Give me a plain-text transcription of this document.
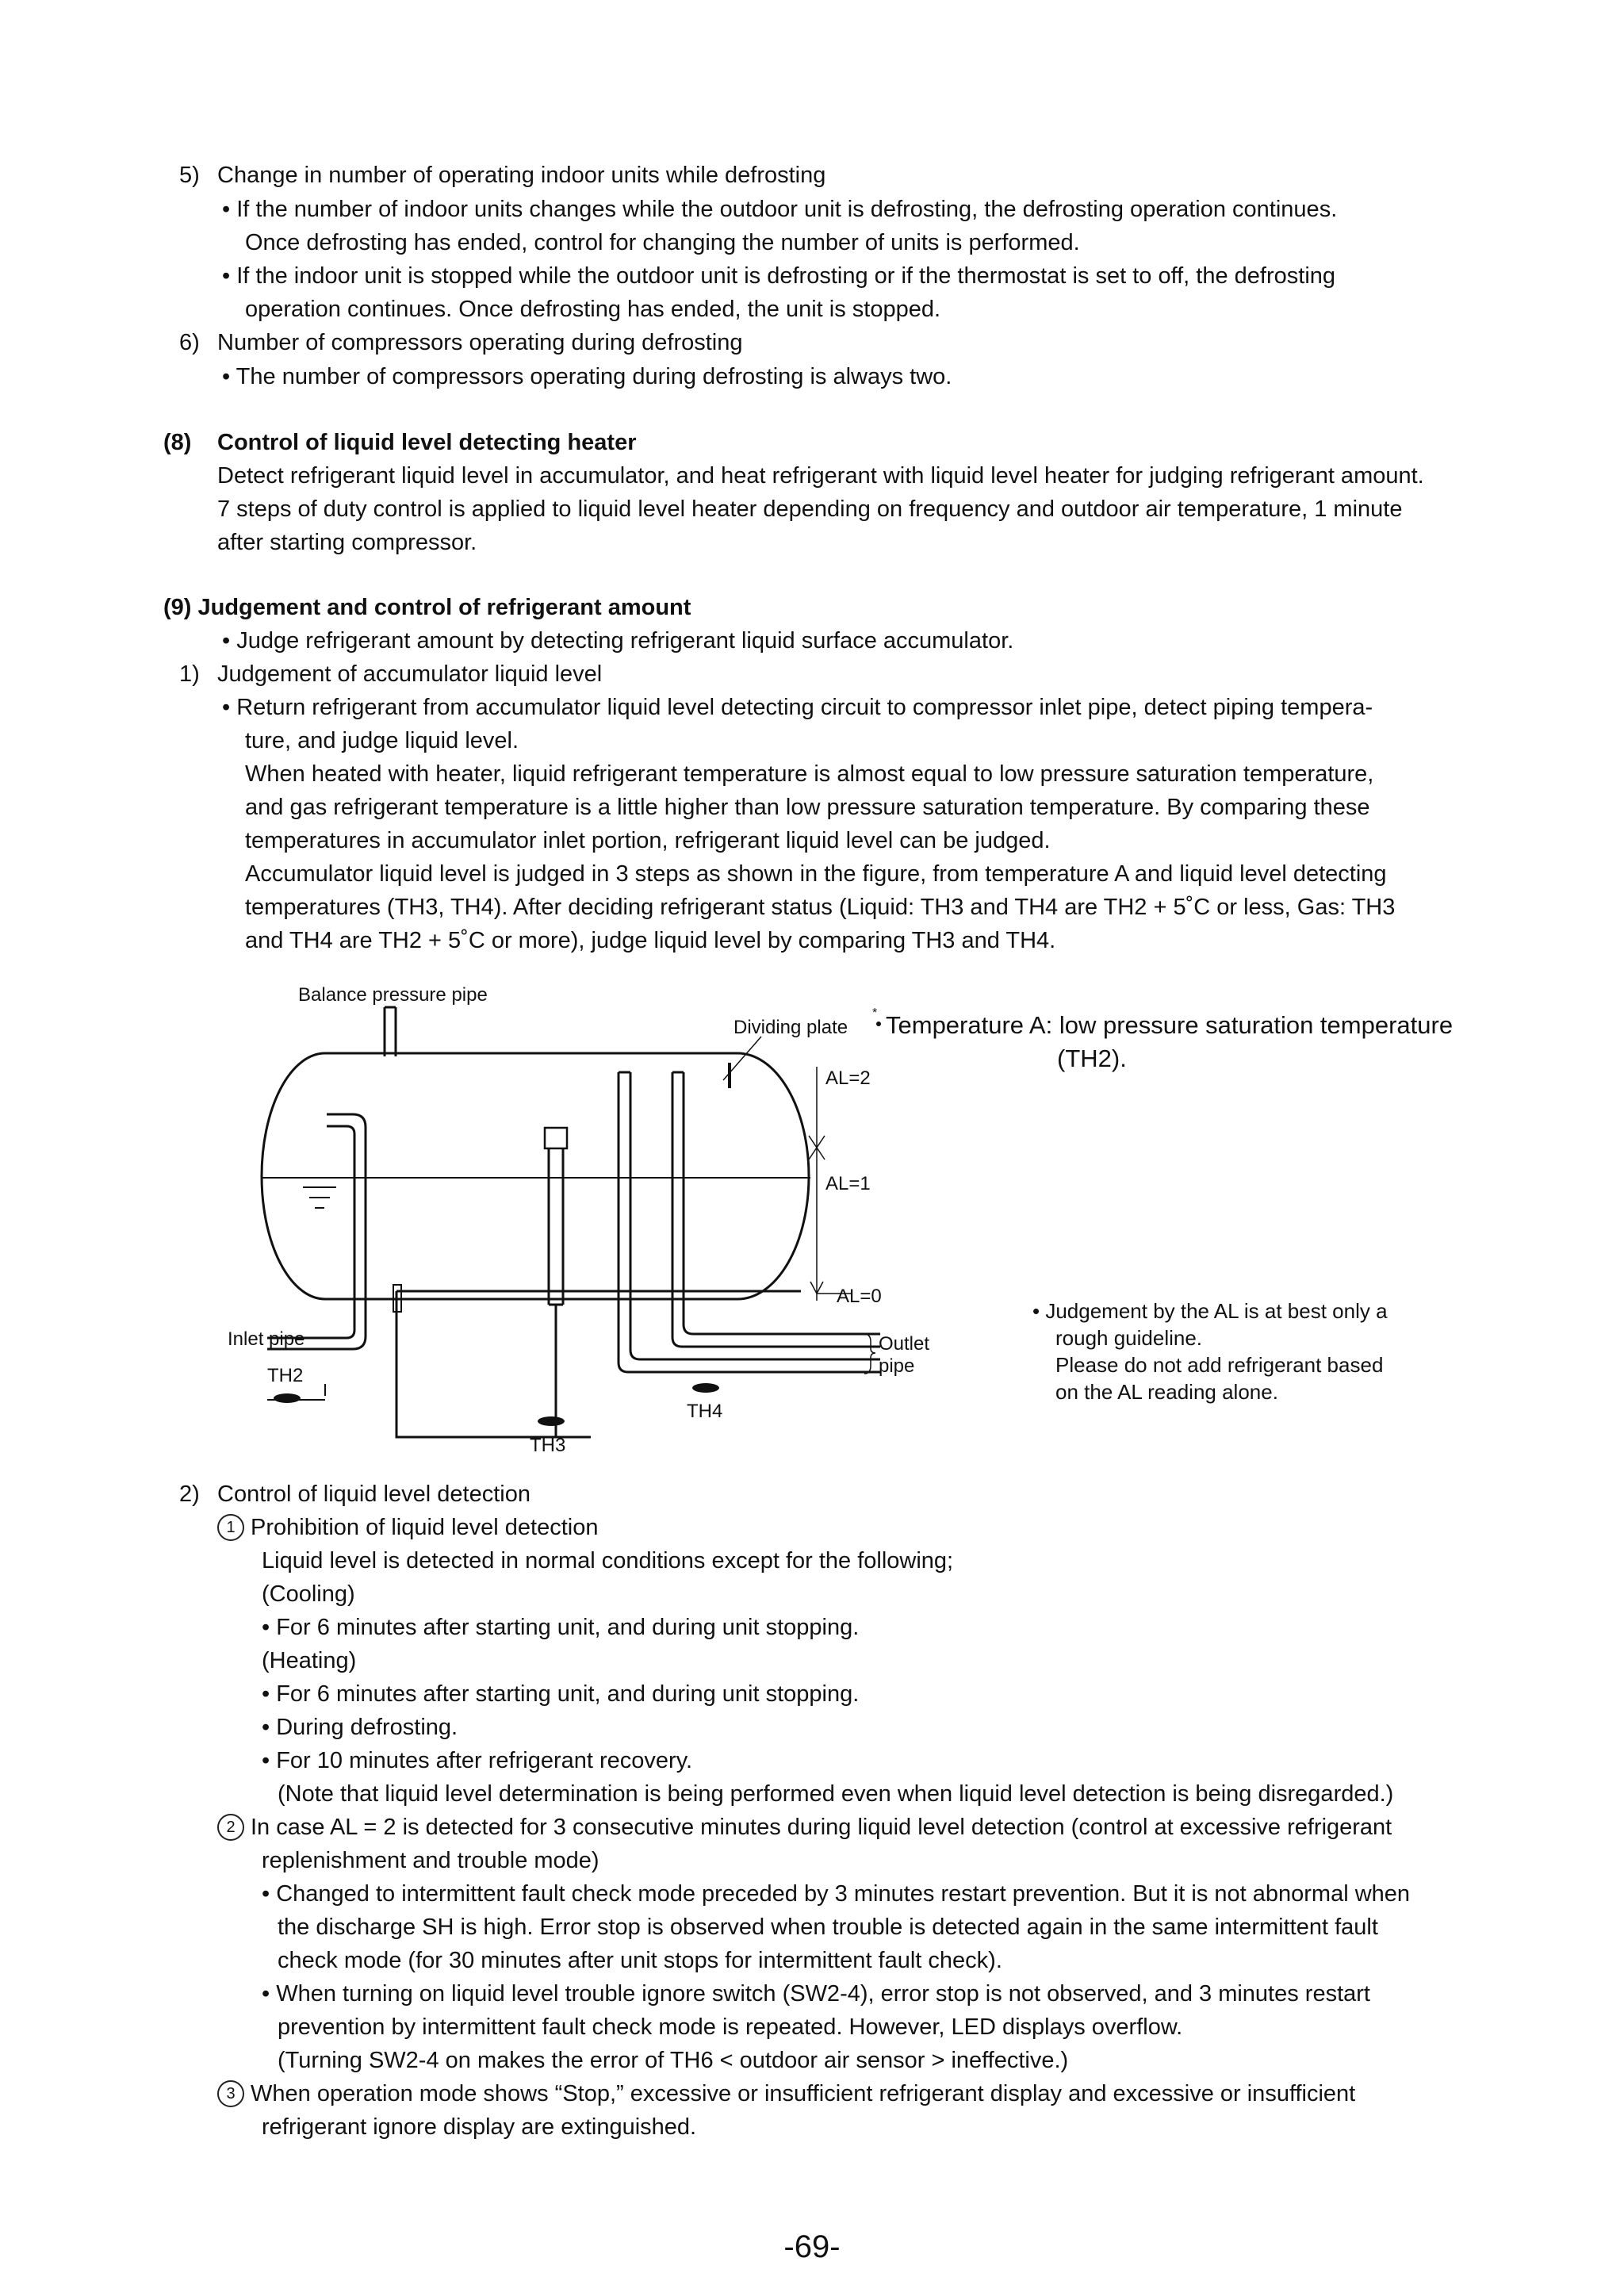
5) Change in number of operating indoor units while defrosting
• If the number of indoor units changes while the outdoor unit is defrosting, the defrosting operation continues.
Once defrosting has ended, control for changing the number of units is performed.
• If the indoor unit is stopped while the outdoor unit is defrosting or if the thermostat is set to off, the defrosting
operation continues. Once defrosting has ended, the unit is stopped.
6) Number of compressors operating during defrosting
• The number of compressors operating during defrosting is always two.
(8) Control of liquid level detecting heater
Detect refrigerant liquid level in accumulator, and heat refrigerant with liquid level heater for judging refrigerant amount.
7 steps of duty control is applied to liquid level heater depending on frequency and outdoor air temperature, 1 minute
after starting compressor.
(9) Judgement and control of refrigerant amount
• Judge refrigerant amount by detecting refrigerant liquid surface accumulator.
1) Judgement of accumulator liquid level
• Return refrigerant from accumulator liquid level detecting circuit to compressor inlet pipe, detect piping tempera-
ture, and judge liquid level.
When heated with heater, liquid refrigerant temperature is almost equal to low pressure saturation temperature,
and gas refrigerant temperature is a little higher than low pressure saturation temperature. By comparing these
temperatures in accumulator inlet portion, refrigerant liquid level can be judged.
Accumulator liquid level is judged in 3 steps as shown in the figure, from temperature A and liquid level detecting
temperatures (TH3, TH4). After deciding refrigerant status (Liquid: TH3 and TH4 are TH2 + 5˚C or less, Gas: TH3
and TH4 are TH2 + 5˚C or more), judge liquid level by comparing TH3 and TH4.
Balance pressure pipe
Dividing plate
AL=2
AL=1
AL=0
Inlet pipe
TH2
TH3
TH4
Outlet
pipe
* Temperature A: low pressure saturation temperature
(TH2).
• Judgement by the AL is at best only a
rough guideline.
Please do not add refrigerant based
on the AL reading alone.
2) Control of liquid level detection
1 Prohibition of liquid level detection
Liquid level is detected in normal conditions except for the following;
(Cooling)
• For 6 minutes after starting unit, and during unit stopping.
(Heating)
• For 6 minutes after starting unit, and during unit stopping.
• During defrosting.
• For 10 minutes after refrigerant recovery.
(Note that liquid level determination is being performed even when liquid level detection is being disregarded.)
2 In case AL = 2 is detected for 3 consecutive minutes during liquid level detection (control at excessive refrigerant
replenishment and trouble mode)
• Changed to intermittent fault check mode preceded by 3 minutes restart prevention. But it is not abnormal when
the discharge SH is high. Error stop is observed when trouble is detected again in the same intermittent fault
check mode (for 30 minutes after unit stops for intermittent fault check).
• When turning on liquid level trouble ignore switch (SW2-4), error stop is not observed, and 3 minutes restart
prevention by intermittent fault check mode is repeated. However, LED displays overflow.
(Turning SW2-4 on makes the error of TH6 < outdoor air sensor > ineffective.)
3 When operation mode shows “Stop,” excessive or insufficient refrigerant display and excessive or insufficient
refrigerant ignore display are extinguished.
-69-
